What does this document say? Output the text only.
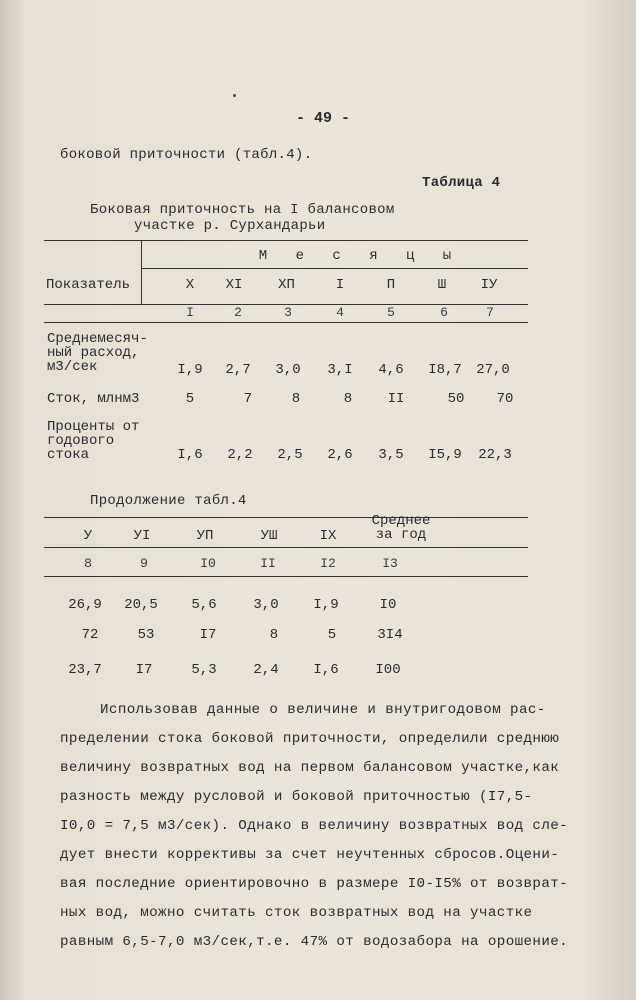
- 49 -
боковой приточности (табл.4).
Таблица 4
Боковая приточность на I балансовом
участке р. Сурхандарьи
М е с я ц ы
Показатель	X	XI	XП	I	П	Ш	IУ
I	2	3	4	5	6	7
Среднемесяч-
ный расход,
м3/сек	I,9	2,7	3,0	3,I	4,6	I8,7	27,0
Сток, млнм3	5	7	8	8	II	50	70
Проценты от
годового
стока	I,6	2,2	2,5	2,6	3,5	I5,9	22,3
Продолжение табл.4
У	УI	УП	УШ	IX
Среднее
за год
8	9	I0	II	I2	I3
26,9	20,5	5,6	3,0	I,9	I0
72	53	I7	8	5	3I4
23,7	I7	5,3	2,4	I,6	I00
Использовав данные о величине и внутригодовом рас-
пределении стока боковой приточности, определили среднюю
величину возвратных вод на первом балансовом участке,как
разность между русловой и боковой приточностью (I7,5-
I0,0 = 7,5 м3/сек). Однако в величину возвратных вод сле-
дует внести коррективы за счет неучтенных сбросов.Оцени-
вая последние ориентировочно в размере I0-I5% от возврат-
ных вод, можно считать сток возвратных вод на участке
равным 6,5-7,0 м3/сек,т.е. 47% от водозабора на орошение.
